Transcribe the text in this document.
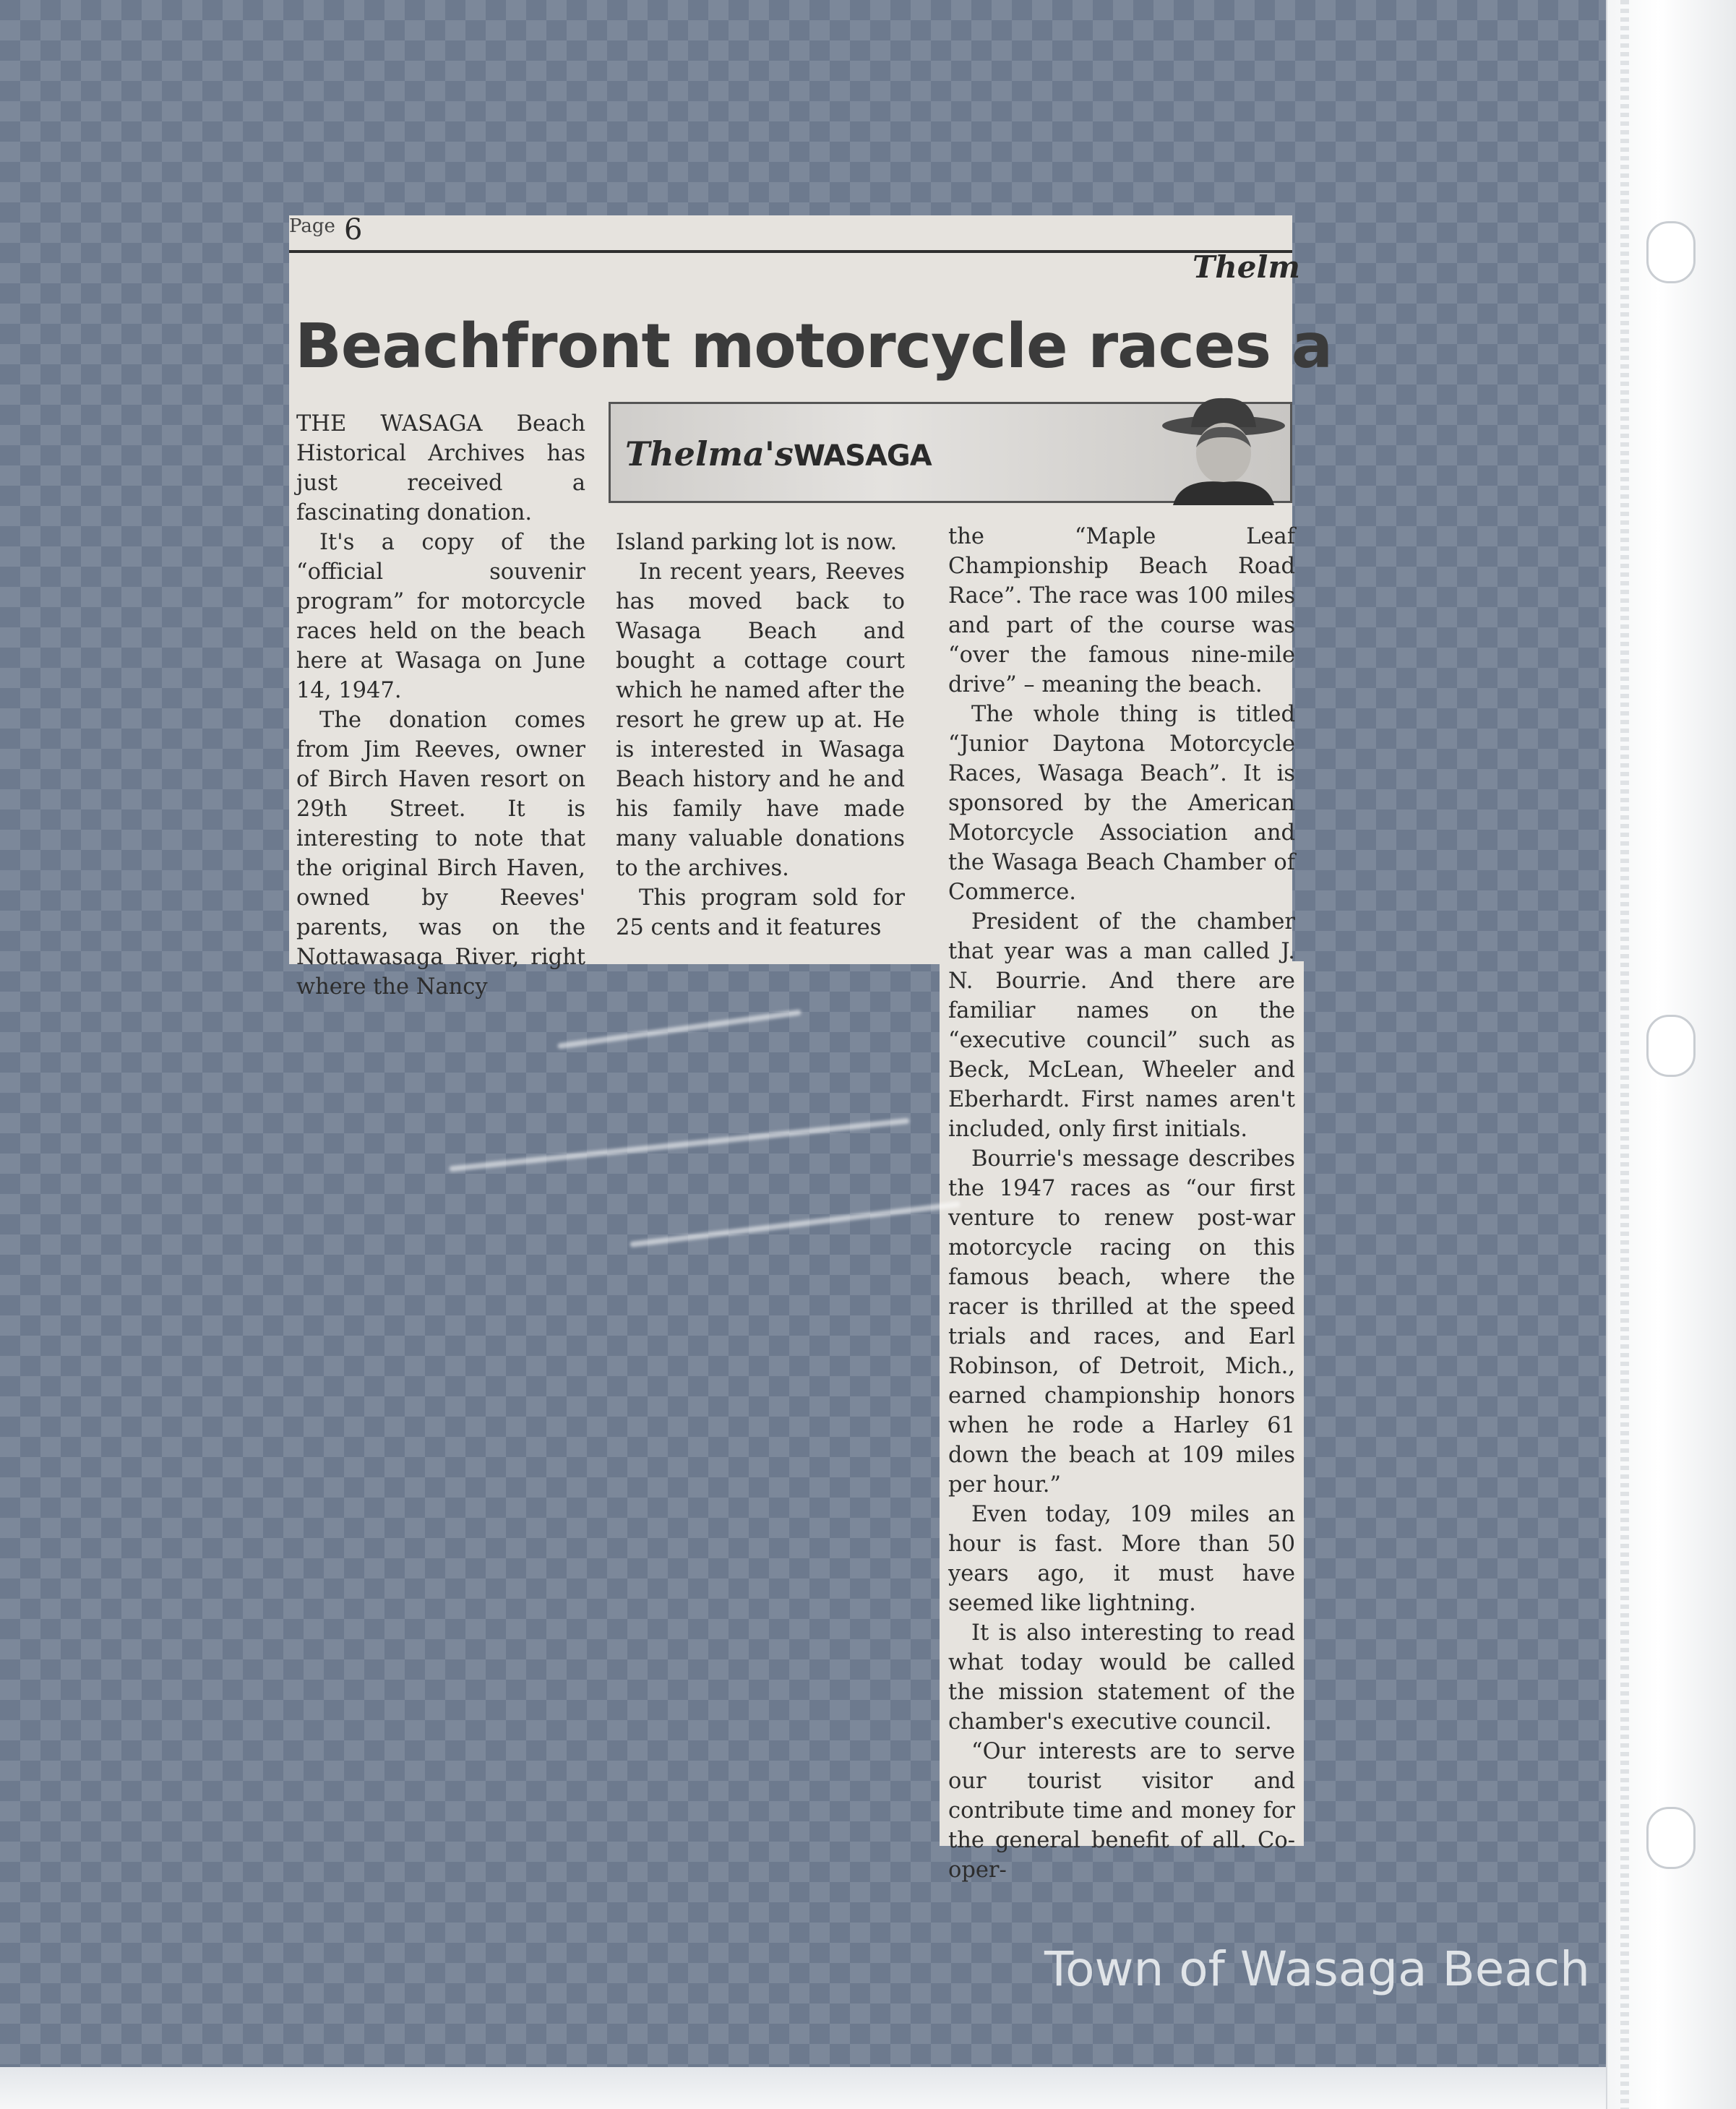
Page 6
Thelm
Beachfront motorcycle races a
Thelma'sWASAGA

THE WASAGA Beach Historical Archives has just received a fascinating donation.

It's a copy of the “official souvenir program” for motorcycle races held on the beach here at Wasaga on June 14, 1947.

The donation comes from Jim Reeves, owner of Birch Haven resort on 29th Street. It is interesting to note that the original Birch Haven, owned by Reeves' parents, was on the Nottawasaga River, right where the Nancy

Island parking lot is now.

In recent years, Reeves has moved back to Wasaga Beach and bought a cottage court which he named after the resort he grew up at. He is interested in Wasaga Beach history and he and his family have made many valuable donations to the archives.

This program sold for 25 cents and it features

the “Maple Leaf Championship Beach Road Race”. The race was 100 miles and part of the course was “over the famous nine-mile drive” – meaning the beach.

The whole thing is titled “Junior Daytona Motorcycle Races, Wasaga Beach”. It is sponsored by the American Motorcycle Association and the Wasaga Beach Chamber of Commerce.

President of the chamber that year was a man called J. N. Bourrie. And there are familiar names on the “executive council” such as Beck, McLean, Wheeler and Eberhardt. First names aren't included, only first initials.

Bourrie's message describes the 1947 races as “our first venture to renew post-war motorcycle racing on this famous beach, where the racer is thrilled at the speed trials and races, and Earl Robinson, of Detroit, Mich., earned championship honors when he rode a Harley 61 down the beach at 109 miles per hour.”

Even today, 109 miles an hour is fast. More than 50 years ago, it must have seemed like lightning.

It is also interesting to read what today would be called the mission statement of the chamber's executive council.

“Our interests are to serve our tourist visitor and contribute time and money for the general benefit of all. Co-oper-

Town of Wasaga Beach
